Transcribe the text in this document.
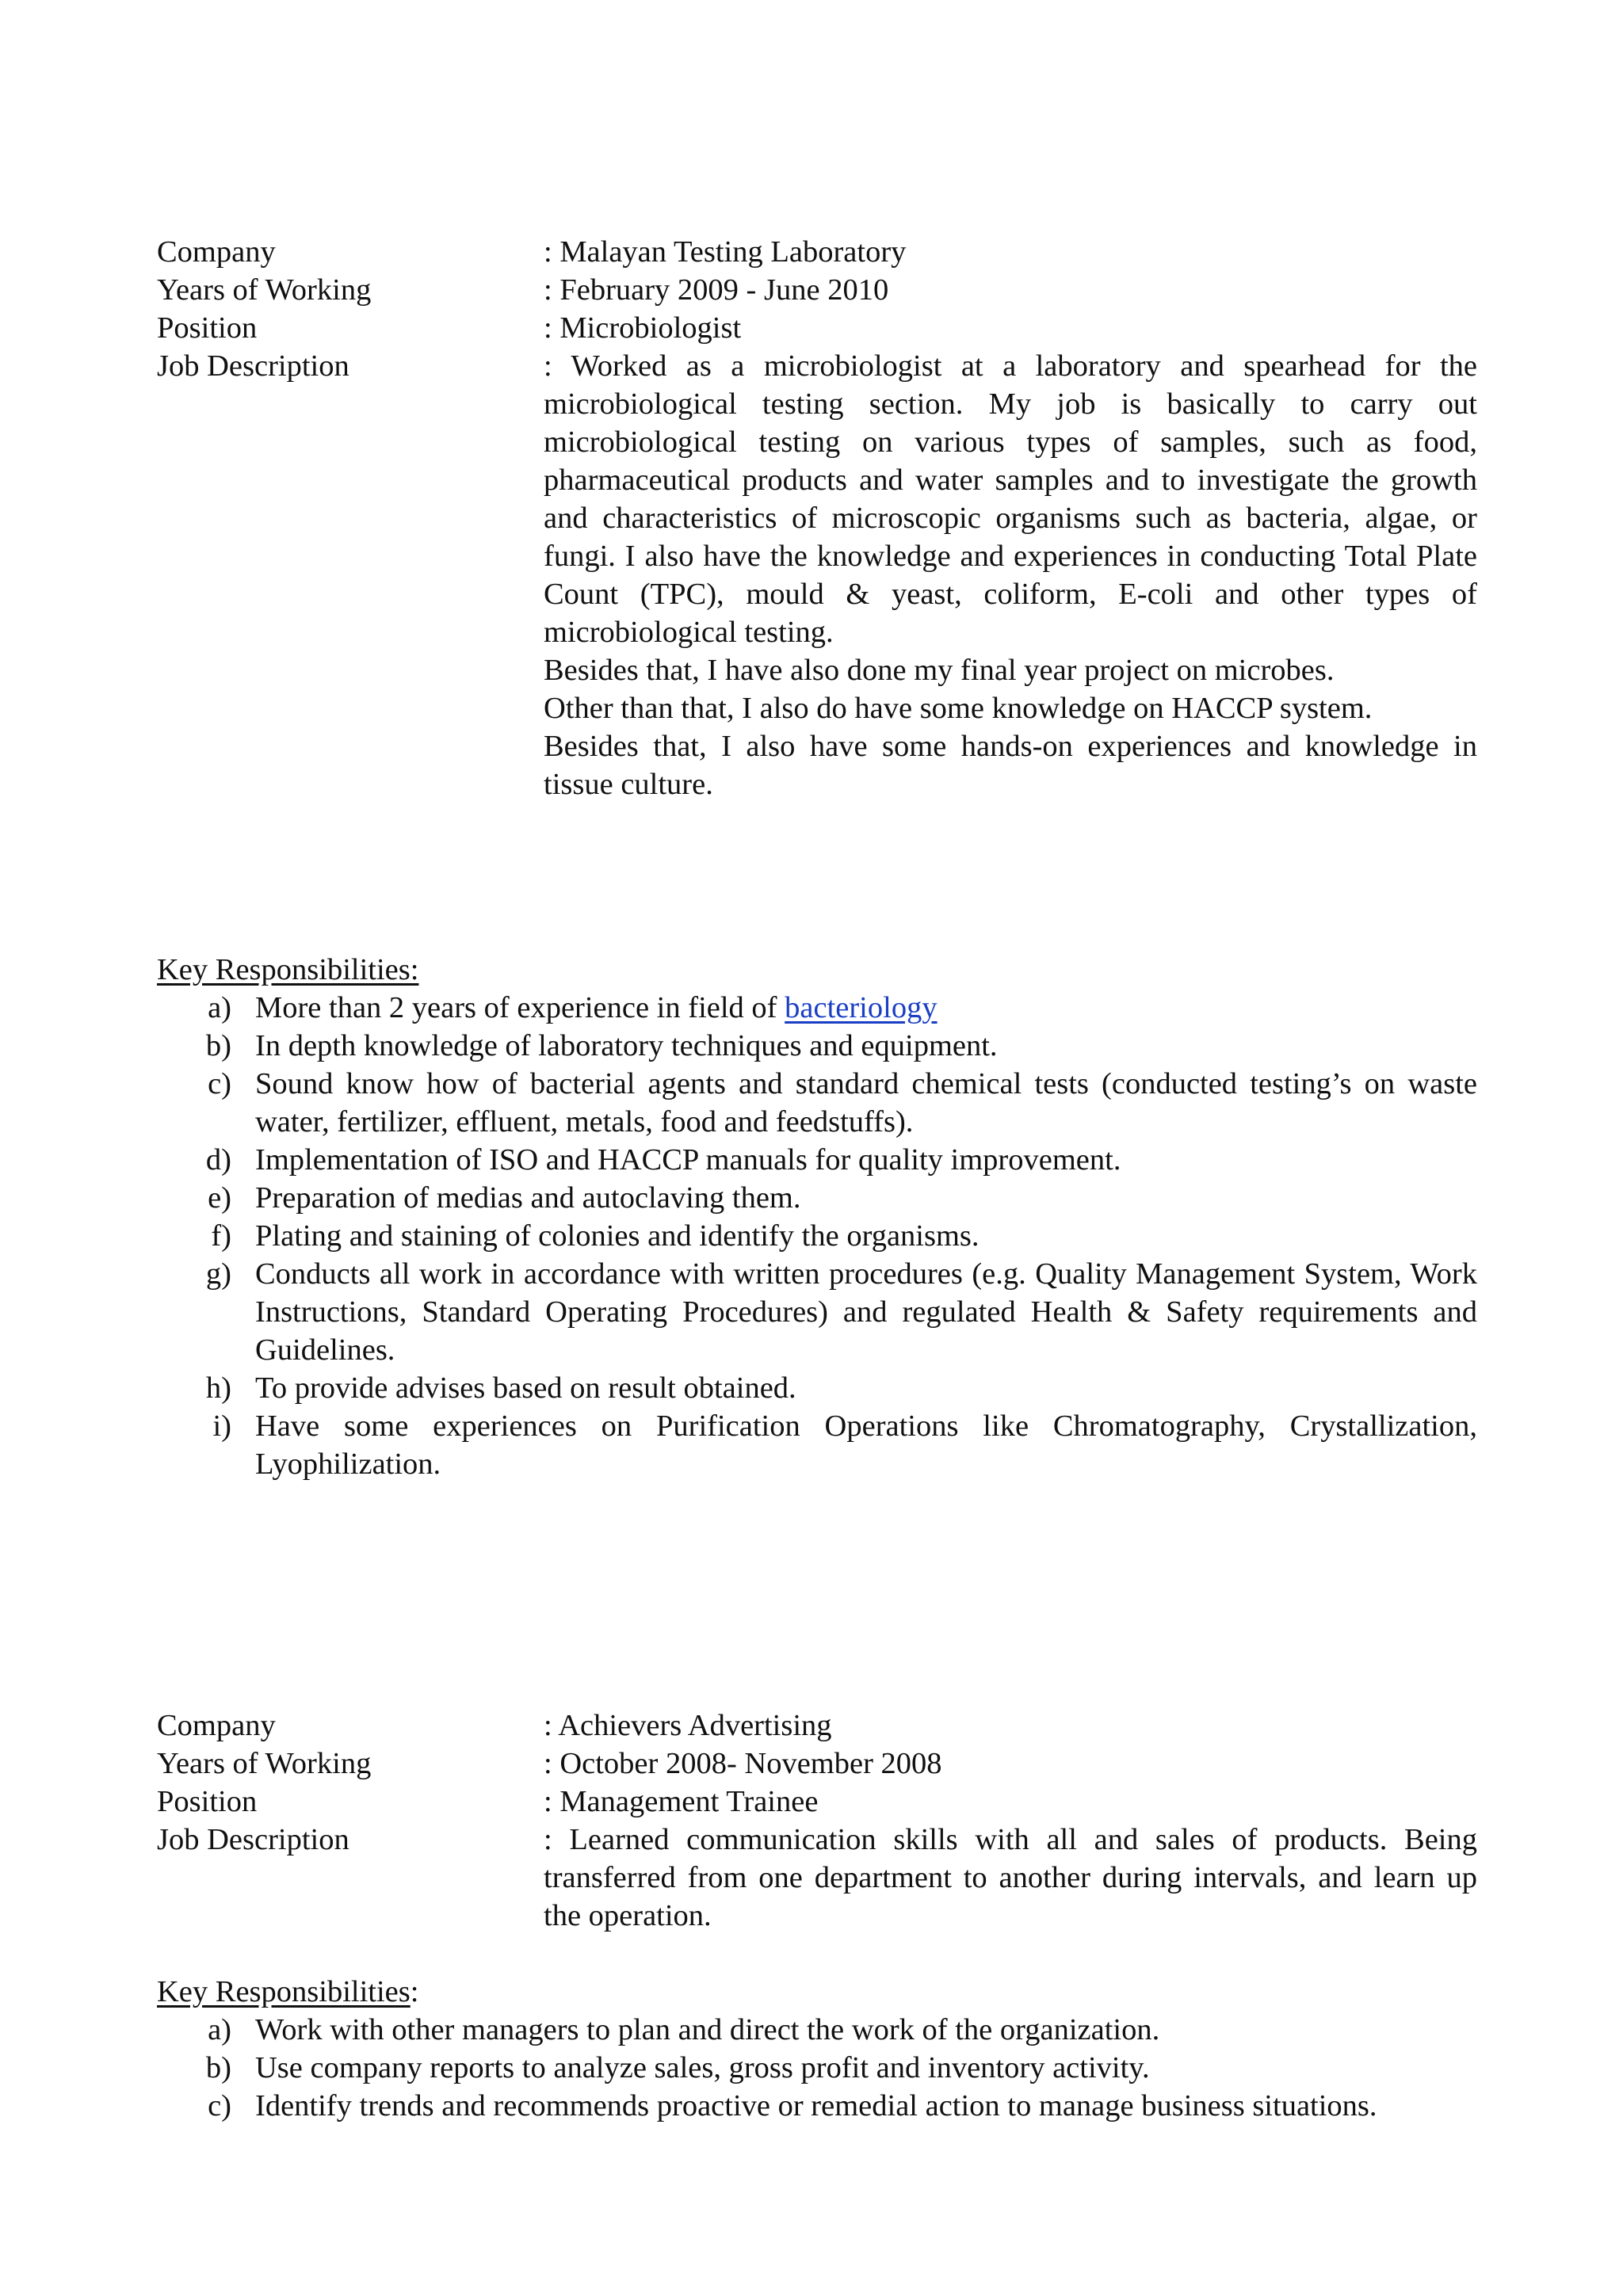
Company	: Malayan Testing Laboratory
Years of Working	: February 2009 - June 2010
Position	: Microbiologist
Job Description	: Worked as a microbiologist at a laboratory and spearhead for the microbiological testing section. My job is basically to carry out microbiological testing on various types of samples, such as food, pharmaceutical products and water samples and to investigate the growth and characteristics of microscopic organisms such as bacteria, algae, or fungi. I also have the knowledge and experiences in conducting Total Plate Count (TPC), mould & yeast, coliform, E-coli and other types of microbiological testing.

Besides that, I have also done my final year project on microbes.

Other than that, I also do have some knowledge on HACCP system.

Besides that, I also have some hands-on experiences and knowledge in tissue culture.

Key Responsibilities:
a) More than 2 years of experience in field of bacteriology
b) In depth knowledge of laboratory techniques and equipment.
c) Sound know how of bacterial agents and standard chemical tests (conducted testing’s on waste water, fertilizer, effluent, metals, food and feedstuffs).
d) Implementation of ISO and HACCP manuals for quality improvement.
e) Preparation of medias and autoclaving them.
f) Plating and staining of colonies and identify the organisms.
g) Conducts all work in accordance with written procedures (e.g. Quality Management System, Work Instructions, Standard Operating Procedures) and regulated Health & Safety requirements and Guidelines.
h) To provide advises based on result obtained.
i) Have some experiences on Purification Operations like Chromatography, Crystallization, Lyophilization.
Company	: Achievers Advertising
Years of Working	: October 2008- November 2008
Position	: Management Trainee
Job Description	: Learned communication skills with all and sales of products. Being transferred from one department to another during intervals, and learn up the operation.

Key Responsibilities:
a) Work with other managers to plan and direct the work of the organization.
b) Use company reports to analyze sales, gross profit and inventory activity.
c) Identify trends and recommends proactive or remedial action to manage business situations.
